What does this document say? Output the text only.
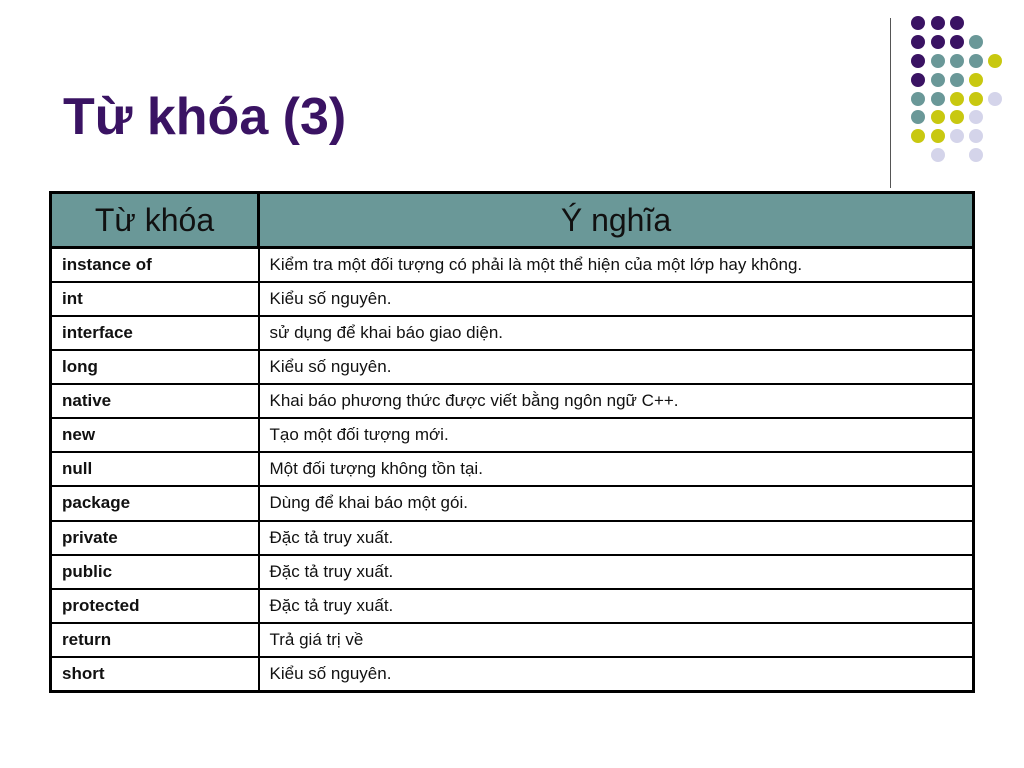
Từ khóa (3)
Từ khóa	Ý nghĩa
instance of	Kiểm tra một đối tượng có phải là một thể hiện của một lớp hay không.
int	Kiểu số nguyên.
interface	sử dụng để khai báo giao diện.
long	Kiểu số nguyên.
native	Khai báo phương thức được viết bằng ngôn ngữ C++.
new	Tạo một đối tượng mới.
null	Một đối tượng không tồn tại.
package	Dùng để khai báo một gói.
private	Đặc tả truy xuất.
public	Đặc tả truy xuất.
protected	Đặc tả truy xuất.
return	Trả giá trị về
short	Kiểu số nguyên.
